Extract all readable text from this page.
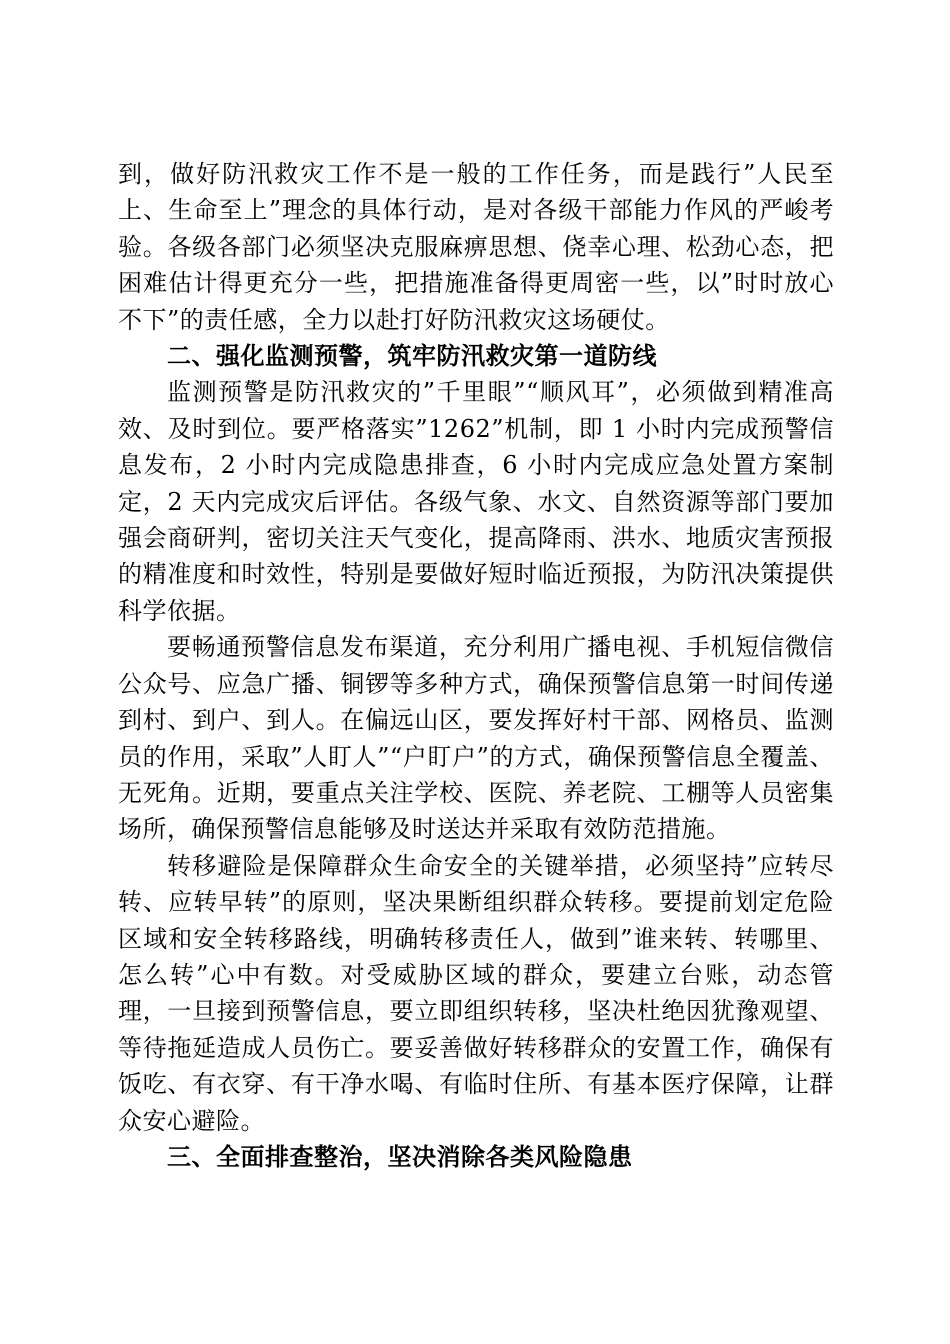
到，做好防汛救灾工作不是一般的工作任务，而是践行”人民至上、生命至上”理念的具体行动，是对各级干部能力作风的严峻考验。各级各部门必须坚决克服麻痹思想、侥幸心理、松劲心态，把困难估计得更充分一些，把措施准备得更周密一些，以”时时放心不下”的责任感，全力以赴打好防汛救灾这场硬仗。

二、强化监测预警，筑牢防汛救灾第一道防线

监测预警是防汛救灾的”千里眼”“顺风耳”，必须做到精准高效、及时到位。要严格落实”1262”机制，即 1 小时内完成预警信息发布，2 小时内完成隐患排查，6 小时内完成应急处置方案制定，2 天内完成灾后评估。各级气象、水文、自然资源等部门要加强会商研判，密切关注天气变化，提高降雨、洪水、地质灾害预报的精准度和时效性，特别是要做好短时临近预报，为防汛决策提供科学依据。

要畅通预警信息发布渠道，充分利用广播电视、手机短信微信公众号、应急广播、铜锣等多种方式，确保预警信息第一时间传递到村、到户、到人。在偏远山区，要发挥好村干部、网格员、监测员的作用，采取”人盯人”“户盯户”的方式，确保预警信息全覆盖、无死角。近期，要重点关注学校、医院、养老院、工棚等人员密集场所，确保预警信息能够及时送达并采取有效防范措施。

转移避险是保障群众生命安全的关键举措，必须坚持”应转尽转、应转早转”的原则，坚决果断组织群众转移。要提前划定危险区域和安全转移路线，明确转移责任人，做到”谁来转、转哪里、怎么转”心中有数。对受威胁区域的群众，要建立台账，动态管理，一旦接到预警信息，要立即组织转移，坚决杜绝因犹豫观望、等待拖延造成人员伤亡。要妥善做好转移群众的安置工作，确保有饭吃、有衣穿、有干净水喝、有临时住所、有基本医疗保障，让群众安心避险。

三、全面排查整治，坚决消除各类风险隐患
